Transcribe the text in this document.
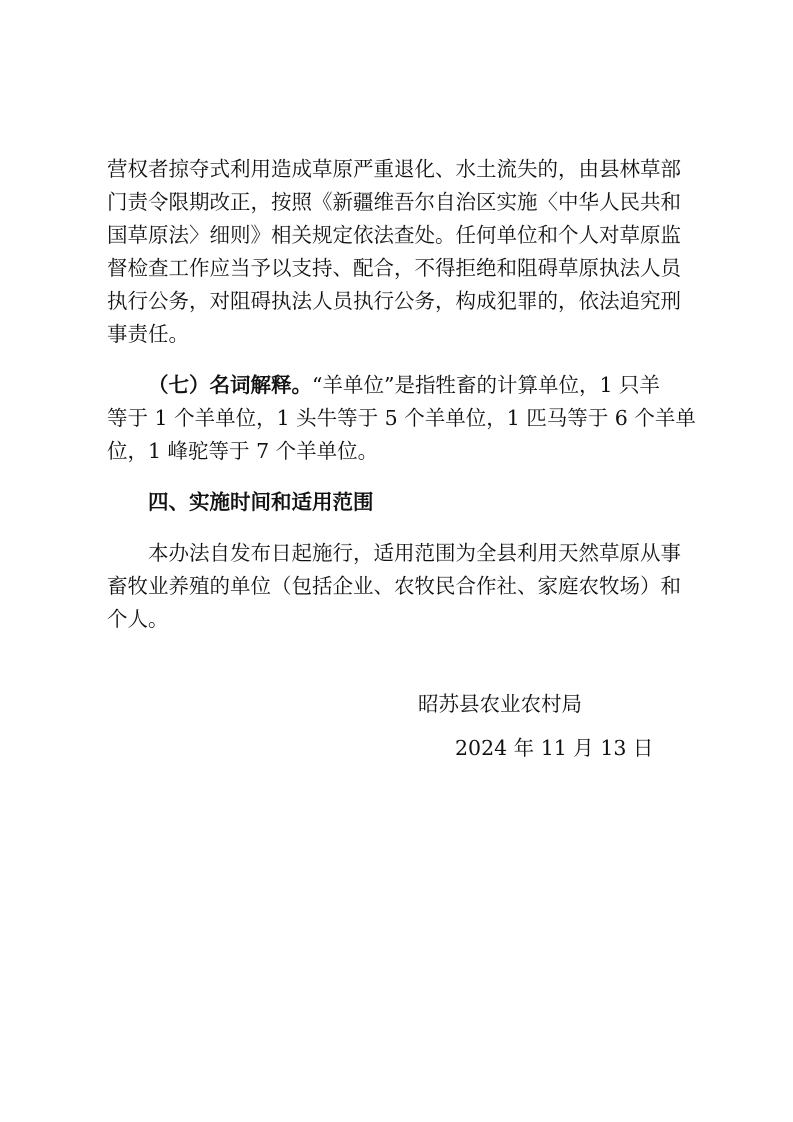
营权者掠夺式利用造成草原严重退化、水土流失的，由县林草部
门责令限期改正，按照《新疆维吾尔自治区实施〈中华人民共和
国草原法〉细则》相关规定依法查处。任何单位和个人对草原监
督检查工作应当予以支持、配合，不得拒绝和阻碍草原执法人员
执行公务，对阻碍执法人员执行公务，构成犯罪的，依法追究刑
事责任。
（七）名词解释。“羊单位”是指牲畜的计算单位，1 只羊
等于 1 个羊单位，1 头牛等于 5 个羊单位，1 匹马等于 6 个羊单
位，1 峰驼等于 7 个羊单位。
四、实施时间和适用范围
本办法自发布日起施行，适用范围为全县利用天然草原从事
畜牧业养殖的单位（包括企业、农牧民合作社、家庭农牧场）和
个人。
昭苏县农业农村局
2024 年 11 月 13 日
